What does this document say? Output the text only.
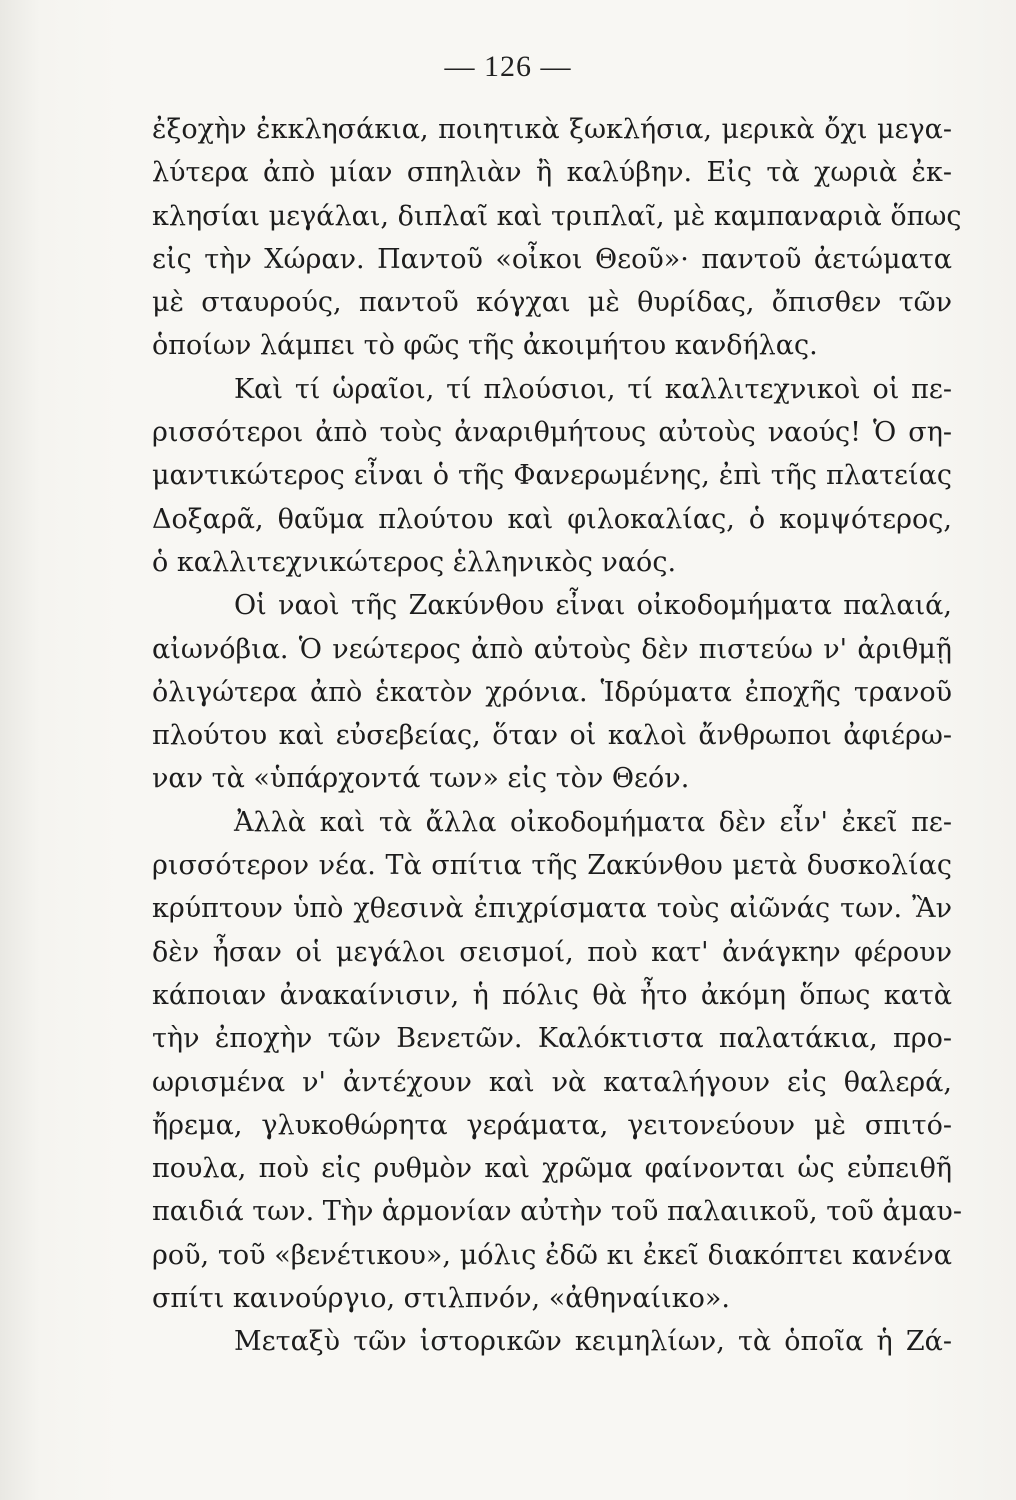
— 126 —

ἐξοχὴν ἐκκλησάκια, ποιητικὰ ξωκλήσια, μερικὰ ὄχι μεγα-
λύτερα ἀπὸ μίαν σπηλιὰν ἢ καλύβην. Εἰς τὰ χωριὰ ἐκ-
κλησίαι μεγάλαι, διπλαῖ καὶ τριπλαῖ, μὲ καμπαναριὰ ὅπως
εἰς τὴν Χώραν. Παντοῦ «οἶκοι Θεοῦ»· παντοῦ ἀετώματα
μὲ σταυρούς, παντοῦ κόγχαι μὲ θυρίδας, ὄπισθεν τῶν
ὁποίων λάμπει τὸ φῶς τῆς ἀκοιμήτου κανδήλας.

Καὶ τί ὡραῖοι, τί πλούσιοι, τί καλλιτεχνικοὶ οἱ πε-
ρισσότεροι ἀπὸ τοὺς ἀναριθμήτους αὐτοὺς ναούς! Ὁ ση-
μαντικώτερος εἶναι ὁ τῆς Φανερωμένης, ἐπὶ τῆς πλατείας
Δοξαρᾶ, θαῦμα πλούτου καὶ φιλοκαλίας, ὁ κομψότερος,
ὁ καλλιτεχνικώτερος ἑλληνικὸς ναός.

Οἱ ναοὶ τῆς Ζακύνθου εἶναι οἰκοδομήματα παλαιά,
αἰωνόβια. Ὁ νεώτερος ἀπὸ αὐτοὺς δὲν πιστεύω ν' ἀριθμῇ
ὀλιγώτερα ἀπὸ ἑκατὸν χρόνια. Ἱδρύματα ἐποχῆς τρανοῦ
πλούτου καὶ εὐσεβείας, ὅταν οἱ καλοὶ ἄνθρωποι ἀφιέρω-
ναν τὰ «ὑπάρχοντά των» εἰς τὸν Θεόν.

Ἀλλὰ καὶ τὰ ἄλλα οἰκοδομήματα δὲν εἶν' ἐκεῖ πε-
ρισσότερον νέα. Τὰ σπίτια τῆς Ζακύνθου μετὰ δυσκολίας
κρύπτουν ὑπὸ χθεσινὰ ἐπιχρίσματα τοὺς αἰῶνάς των. Ἂν
δὲν ἦσαν οἱ μεγάλοι σεισμοί, ποὺ κατ' ἀνάγκην φέρουν
κάποιαν ἀνακαίνισιν, ἡ πόλις θὰ ἦτο ἀκόμη ὅπως κατὰ
τὴν ἐποχὴν τῶν Βενετῶν. Καλόκτιστα παλατάκια, προ-
ωρισμένα ν' ἀντέχουν καὶ νὰ καταλήγουν εἰς θαλερά,
ἤρεμα, γλυκοθώρητα γεράματα, γειτονεύουν μὲ σπιτό-
πουλα, ποὺ εἰς ρυθμὸν καὶ χρῶμα φαίνονται ὡς εὐπειθῆ
παιδιά των. Τὴν ἁρμονίαν αὐτὴν τοῦ παλαιικοῦ, τοῦ ἀμαυ-
ροῦ, τοῦ «βενέτικου», μόλις ἐδῶ κι ἐκεῖ διακόπτει κανένα
σπίτι καινούργιο, στιλπνόν, «ἀθηναίικο».

Μεταξὺ τῶν ἱστορικῶν κειμηλίων, τὰ ὁποῖα ἡ Ζά-
